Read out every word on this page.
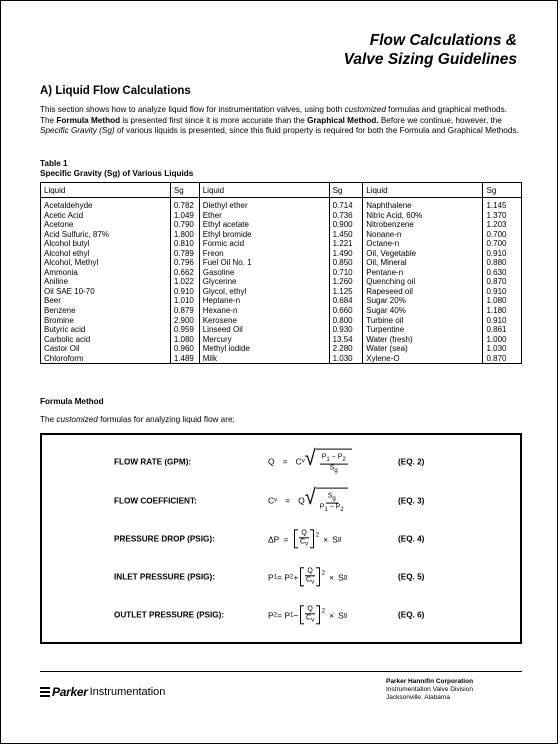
Flow Calculations &
Valve Sizing Guidelines
A) Liquid Flow Calculations
This section shows how to analyze liquid flow for instrumentation valves, using both customized formulas and graphical methods. The Formula Method is presented first since it is more accurate than the Graphical Method. Before we continue, however, the Specific Gravity (Sg) of various liquids is presented, since this fluid property is required for both the Formula and Graphical Methods.
Table 1
Specific Gravity (Sg) of Various Liquids
Liquid	Sg	Liquid	Sg	Liquid	Sg
Acetaldehyde	0.782	Diethyl ether	0.714	Naphthalene	1.145
Acetic Acid	1.049	Ether	0.736	Nitric Acid, 60%	1.370
Acetone	0.790	Ethyl acetate	0.900	Nitrobenzene	1.203
Acid Sulfuric, 87%	1.800	Ethyl bromide	1.450	Nonane-n	0.700
Alcohol butyl	0.810	Formic acid	1.221	Octane-n	0.700
Alcohol ethyl	0.789	Freon	1.490	Oil, Vegetable	0.910
Alcohol, Methyl	0.796	Fuel Oil No. 1	0.850	Oil, Mineral	0.880
Ammonia	0.662	Gasoline	0.710	Pentane-n	0.630
Aniline	1.022	Glycerine	1.260	Quenching oil	0.870
Oil SAE 10-70	0.910	Glycol, ethyl	1.125	Rapeseed oil	0.910
Beer	1.010	Heptane-n	0.684	Sugar 20%	1.080
Benzene	0.879	Hexane-n	0.660	Sugar 40%	1.180
Bromine	2.900	Kerosene	0.800	Turbine oil	0.910
Butyric acid	0.959	Linseed Oil	0.930	Turpentine	0.861
Carbolic acid	1.080	Mercury	13.54	Water (fresh)	1.000
Castor Oil	0.960	Methyl iodide	2.280	Water (sea)	1.030
Chloroform	1.489	Milk	1.030	Xylene-O	0.870
Formula Method
The customized formulas for analyzing liquid flow are:
FLOW RATE (GPM):	Q
=
C v √ $\frac{P1 - P2}{Sg}$	(EQ. 2)
FLOW COEFFICIENT:	C v =
Q √ $\frac{Sg}{P1 - P2}$	(EQ. 3)
PRESSURE DROP (PSIG):	ΔP
= $\frac{Q}{Cv} 2$ ×
S g	(EQ. 4)
INLET PRESSURE (PSIG):	P 1 = P $2 + \frac{Q}{Cv} 2$ ×
S g	(EQ. 5)
OUTLET PRESSURE (PSIG):	P 2 = P $1 - \frac{Q}{Cv} 2$ ×
S g	(EQ. 6)
Parker Instrumentation
Parker Hannifin Corporation
Instrumentation Valve Division
Jacksonville, Alabama
